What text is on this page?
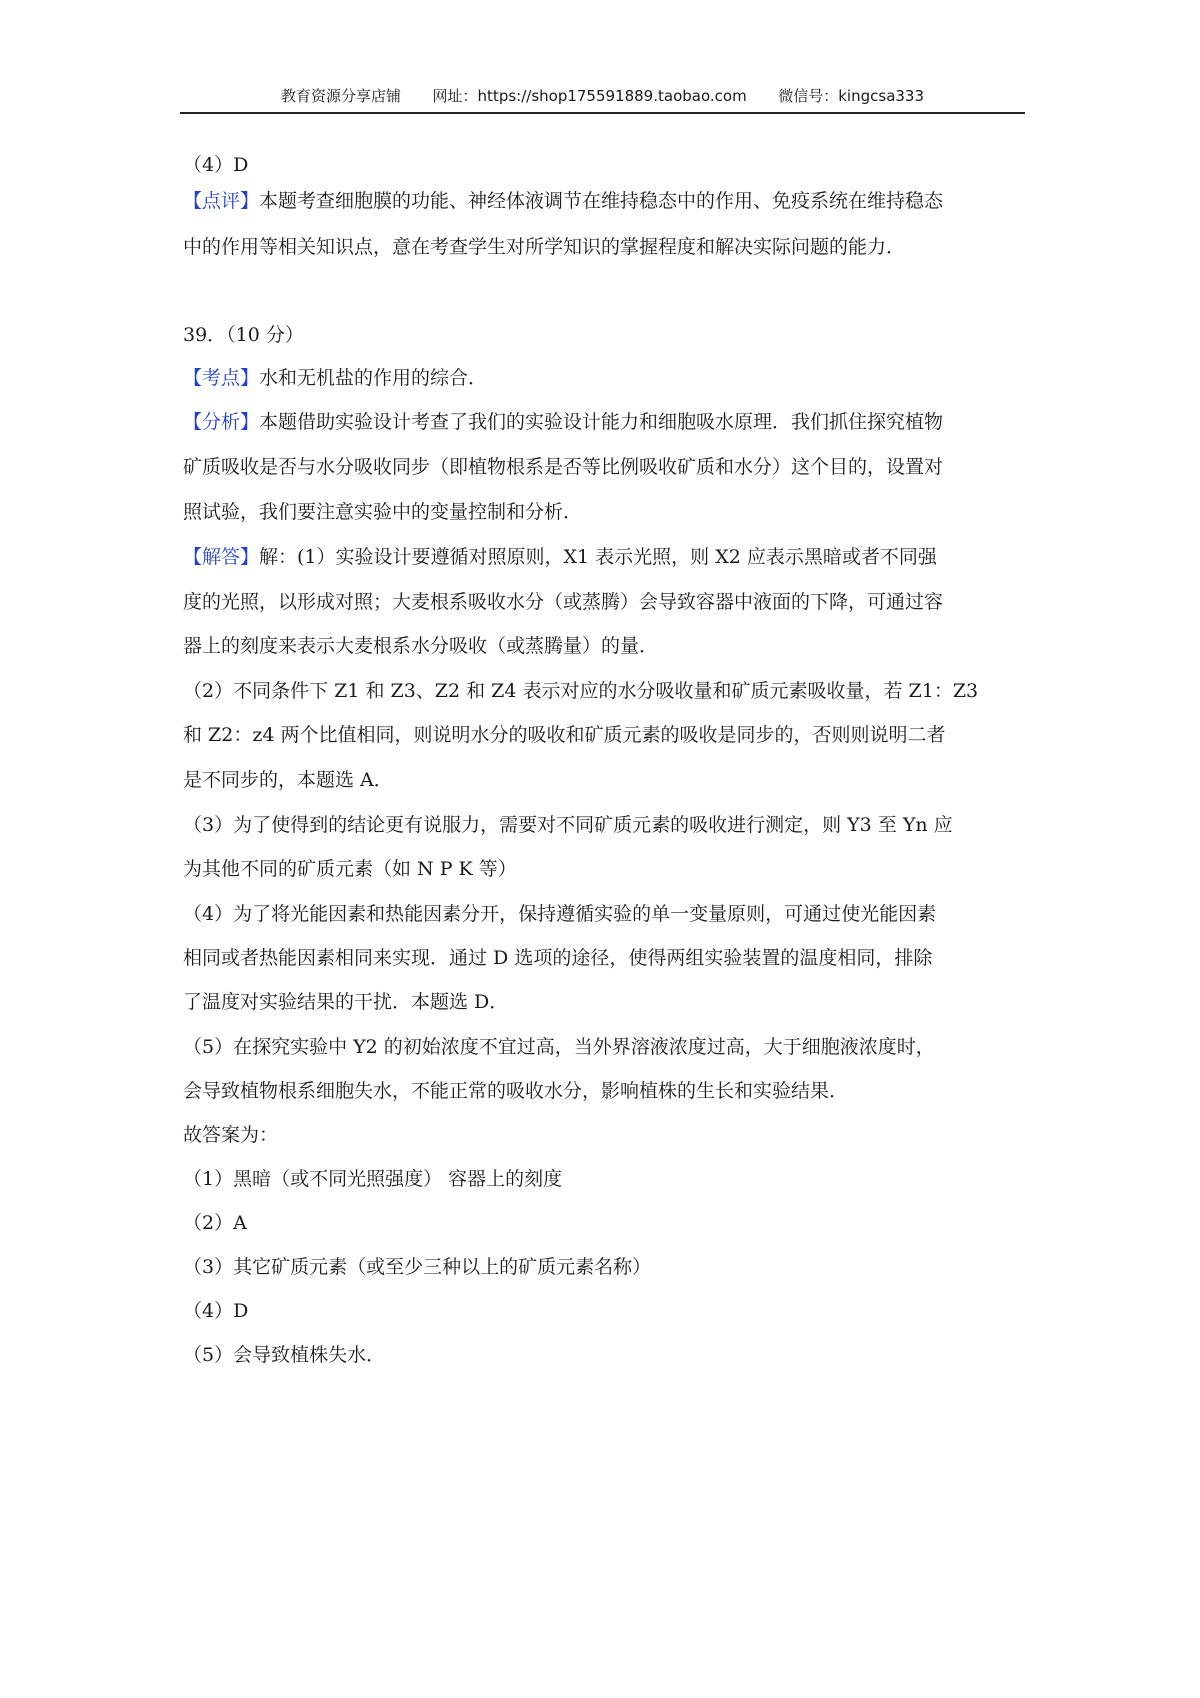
教育资源分享店铺 网址：https://shop175591889.taobao.com 微信号：kingcsa333
（4）D
【点评】本题考查细胞膜的功能、神经体液调节在维持稳态中的作用、免疫系统在维持稳态
中的作用等相关知识点，意在考查学生对所学知识的掌握程度和解决实际问题的能力．
39．（10 分）
【考点】水和无机盐的作用的综合．
【分析】本题借助实验设计考查了我们的实验设计能力和细胞吸水原理．我们抓住探究植物
矿质吸收是否与水分吸收同步（即植物根系是否等比例吸收矿质和水分）这个目的，设置对
照试验，我们要注意实验中的变量控制和分析．
【解答】解：(1）实验设计要遵循对照原则，X1 表示光照，则 X2 应表示黑暗或者不同强
度的光照，以形成对照；大麦根系吸收水分（或蒸腾）会导致容器中液面的下降，可通过容
器上的刻度来表示大麦根系水分吸收（或蒸腾量）的量．
（2）不同条件下 Z1 和 Z3、Z2 和 Z4 表示对应的水分吸收量和矿质元素吸收量，若 Z1：Z3
和 Z2：z4 两个比值相同，则说明水分的吸收和矿质元素的吸收是同步的，否则则说明二者
是不同步的，本题选 A．
（3）为了使得到的结论更有说服力，需要对不同矿质元素的吸收进行测定，则 Y3 至 Yn 应
为其他不同的矿质元素（如 N P K 等）
（4）为了将光能因素和热能因素分开，保持遵循实验的单一变量原则，可通过使光能因素
相同或者热能因素相同来实现．通过 D 选项的途径，使得两组实验装置的温度相同，排除
了温度对实验结果的干扰．本题选 D．
（5）在探究实验中 Y2 的初始浓度不宜过高，当外界溶液浓度过高，大于细胞液浓度时，
会导致植物根系细胞失水，不能正常的吸收水分，影响植株的生长和实验结果．
故答案为：
（1）黑暗（或不同光照强度） 容器上的刻度
（2）A
（3）其它矿质元素（或至少三种以上的矿质元素名称）
（4）D
（5）会导致植株失水．
